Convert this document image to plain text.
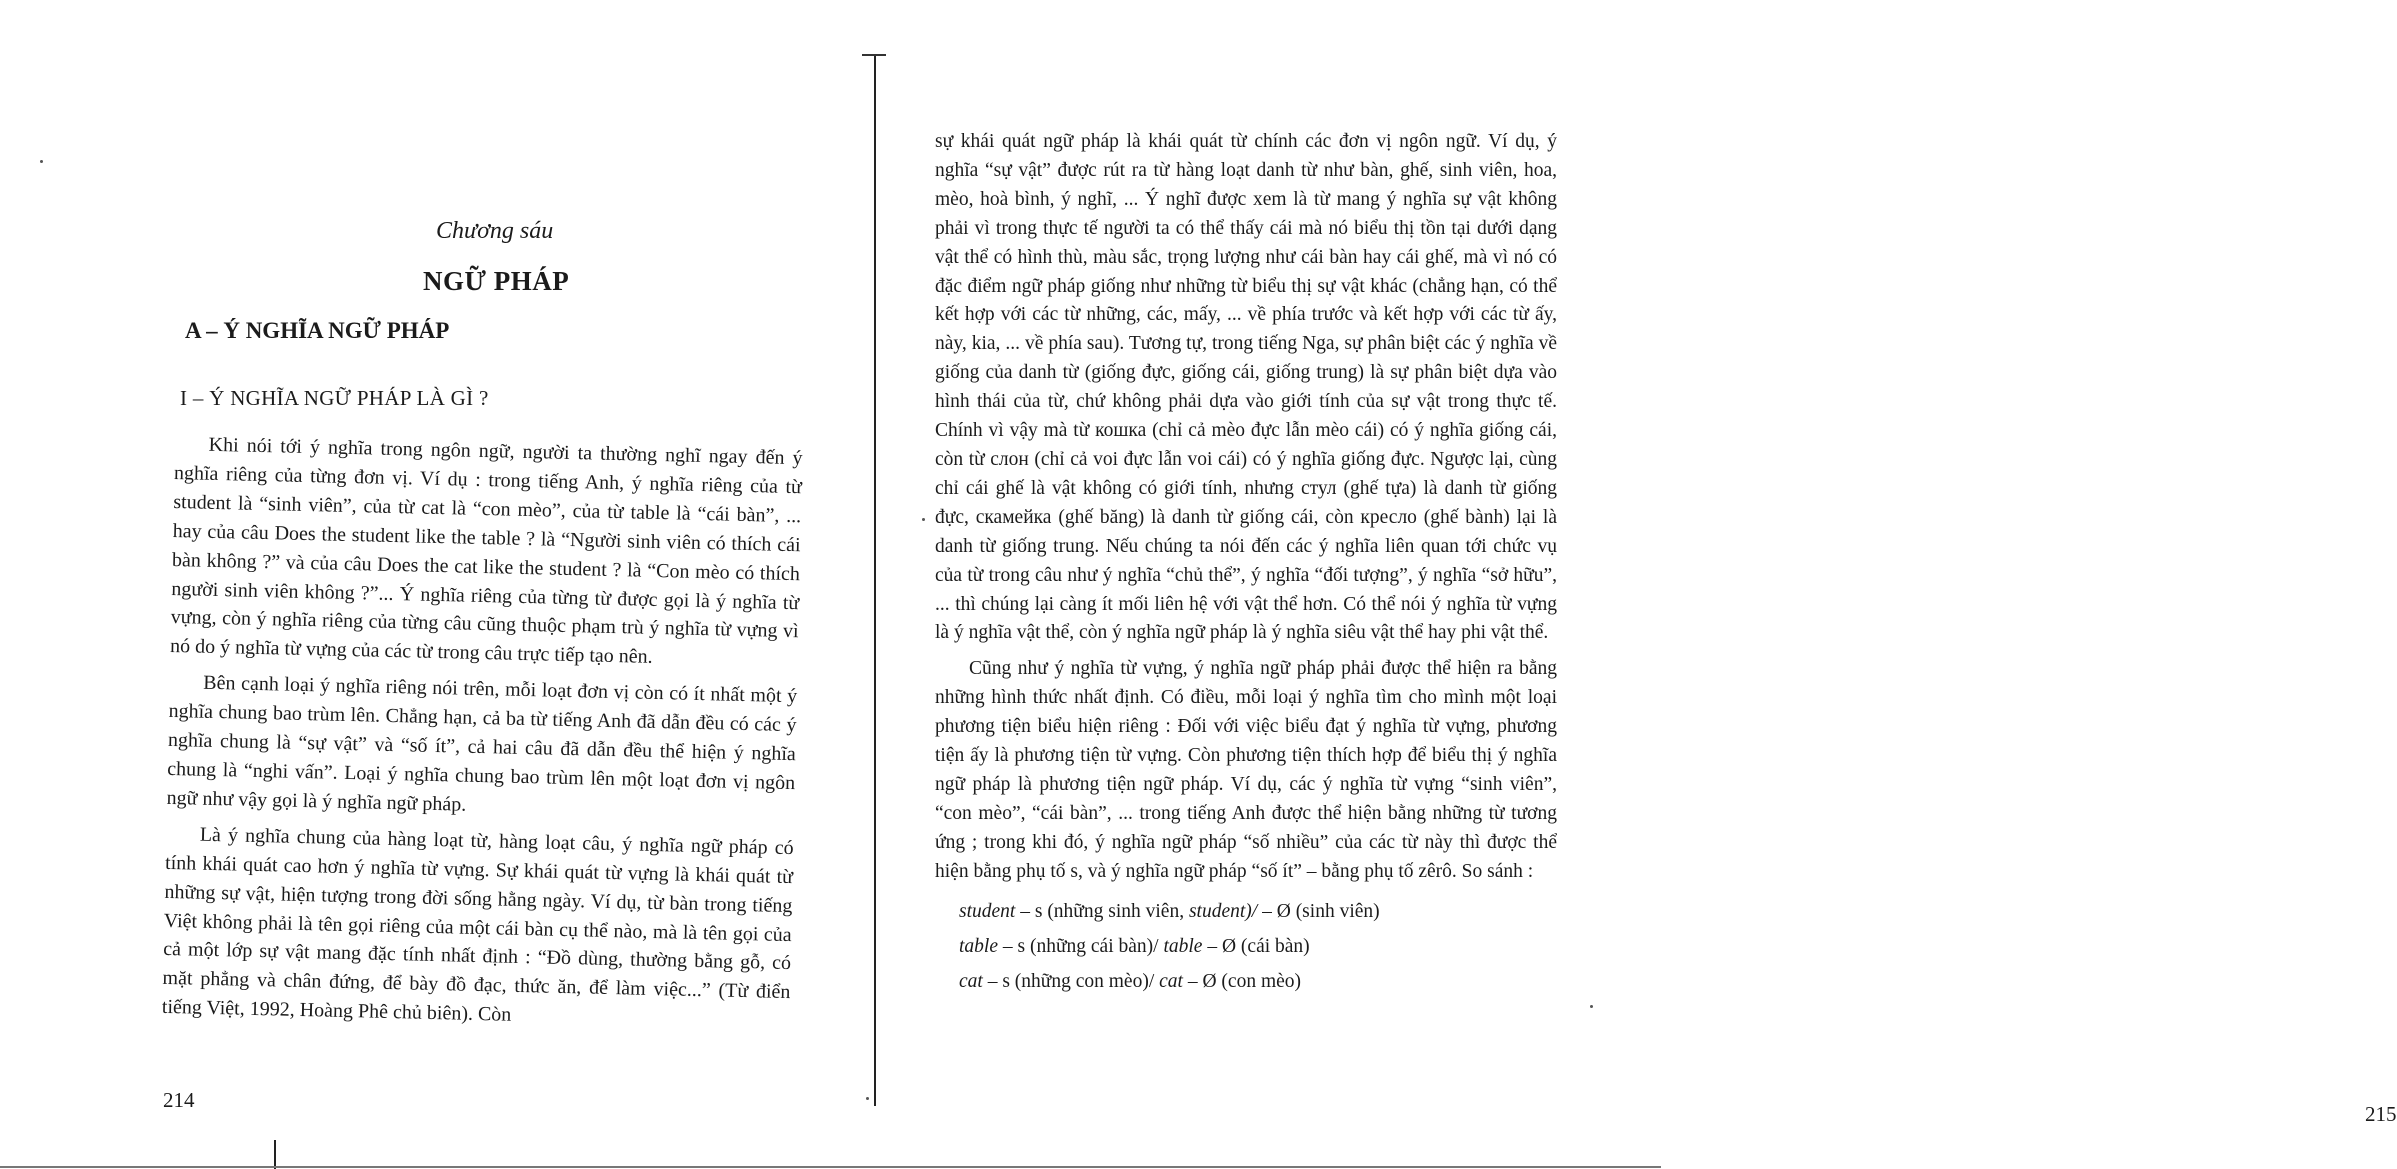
Chương sáu
NGỮ PHÁP
A – Ý NGHĨA NGỮ PHÁP
I – Ý NGHĨA NGỮ PHÁP LÀ GÌ ?

Khi nói tới ý nghĩa trong ngôn ngữ, người ta thường nghĩ ngay đến ý nghĩa riêng của từng đơn vị. Ví dụ : trong tiếng Anh, ý nghĩa riêng của từ student là “sinh viên”, của từ cat là “con mèo”, của từ table là “cái bàn”, ... hay của câu Does the student like the table ? là “Người sinh viên có thích cái bàn không ?” và của câu Does the cat like the student ? là “Con mèo có thích người sinh viên không ?”... Ý nghĩa riêng của từng từ được gọi là ý nghĩa từ vựng, còn ý nghĩa riêng của từng câu cũng thuộc phạm trù ý nghĩa từ vựng vì nó do ý nghĩa từ vựng của các từ trong câu trực tiếp tạo nên.

Bên cạnh loại ý nghĩa riêng nói trên, mỗi loạt đơn vị còn có ít nhất một ý nghĩa chung bao trùm lên. Chẳng hạn, cả ba từ tiếng Anh đã dẫn đều có các ý nghĩa chung là “sự vật” và “số ít”, cả hai câu đã dẫn đều thể hiện ý nghĩa chung là “nghi vấn”. Loại ý nghĩa chung bao trùm lên một loạt đơn vị ngôn ngữ như vậy gọi là ý nghĩa ngữ pháp.

Là ý nghĩa chung của hàng loạt từ, hàng loạt câu, ý nghĩa ngữ pháp có tính khái quát cao hơn ý nghĩa từ vựng. Sự khái quát từ vựng là khái quát từ những sự vật, hiện tượng trong đời sống hằng ngày. Ví dụ, từ bàn trong tiếng Việt không phải là tên gọi riêng của một cái bàn cụ thể nào, mà là tên gọi của cả một lớp sự vật mang đặc tính nhất định : “Đồ dùng, thường bằng gỗ, có mặt phẳng và chân đứng, để bày đồ đạc, thức ăn, để làm việc...” (Từ điển tiếng Việt, 1992, Hoàng Phê chủ biên). Còn

214
215

sự khái quát ngữ pháp là khái quát từ chính các đơn vị ngôn ngữ. Ví dụ, ý nghĩa “sự vật” được rút ra từ hàng loạt danh từ như bàn, ghế, sinh viên, hoa, mèo, hoà bình, ý nghĩ, ... Ý nghĩ được xem là từ mang ý nghĩa sự vật không phải vì trong thực tế người ta có thể thấy cái mà nó biểu thị tồn tại dưới dạng vật thể có hình thù, màu sắc, trọng lượng như cái bàn hay cái ghế, mà vì nó có đặc điểm ngữ pháp giống như những từ biểu thị sự vật khác (chẳng hạn, có thể kết hợp với các từ những, các, mấy, ... về phía trước và kết hợp với các từ ấy, này, kia, ... về phía sau). Tương tự, trong tiếng Nga, sự phân biệt các ý nghĩa về giống của danh từ (giống đực, giống cái, giống trung) là sự phân biệt dựa vào hình thái của từ, chứ không phải dựa vào giới tính của sự vật trong thực tế. Chính vì vậy mà từ кошка (chỉ cả mèo đực lẫn mèo cái) có ý nghĩa giống cái, còn từ слон (chỉ cả voi đực lẫn voi cái) có ý nghĩa giống đực. Ngược lại, cùng chỉ cái ghế là vật không có giới tính, nhưng стул (ghế tựa) là danh từ giống đực, скамейка (ghế băng) là danh từ giống cái, còn кресло (ghế bành) lại là danh từ giống trung. Nếu chúng ta nói đến các ý nghĩa liên quan tới chức vụ của từ trong câu như ý nghĩa “chủ thể”, ý nghĩa “đối tượng”, ý nghĩa “sở hữu”, ... thì chúng lại càng ít mối liên hệ với vật thể hơn. Có thể nói ý nghĩa từ vựng là ý nghĩa vật thể, còn ý nghĩa ngữ pháp là ý nghĩa siêu vật thể hay phi vật thể.

Cũng như ý nghĩa từ vựng, ý nghĩa ngữ pháp phải được thể hiện ra bằng những hình thức nhất định. Có điều, mỗi loại ý nghĩa tìm cho mình một loại phương tiện biểu hiện riêng : Đối với việc biểu đạt ý nghĩa từ vựng, phương tiện ấy là phương tiện từ vựng. Còn phương tiện thích hợp để biểu thị ý nghĩa ngữ pháp là phương tiện ngữ pháp. Ví dụ, các ý nghĩa từ vựng “sinh viên”, “con mèo”, “cái bàn”, ... trong tiếng Anh được thể hiện bằng những từ tương ứng ; trong khi đó, ý nghĩa ngữ pháp “số nhiều” của các từ này thì được thể hiện bằng phụ tố s, và ý nghĩa ngữ pháp “số ít” – bằng phụ tố zêrô. So sánh :

student – s (những sinh viên, student)/ – Ø (sinh viên)
table – s (những cái bàn)/ table – Ø (cái bàn)
cat – s (những con mèo)/ cat – Ø (con mèo)
